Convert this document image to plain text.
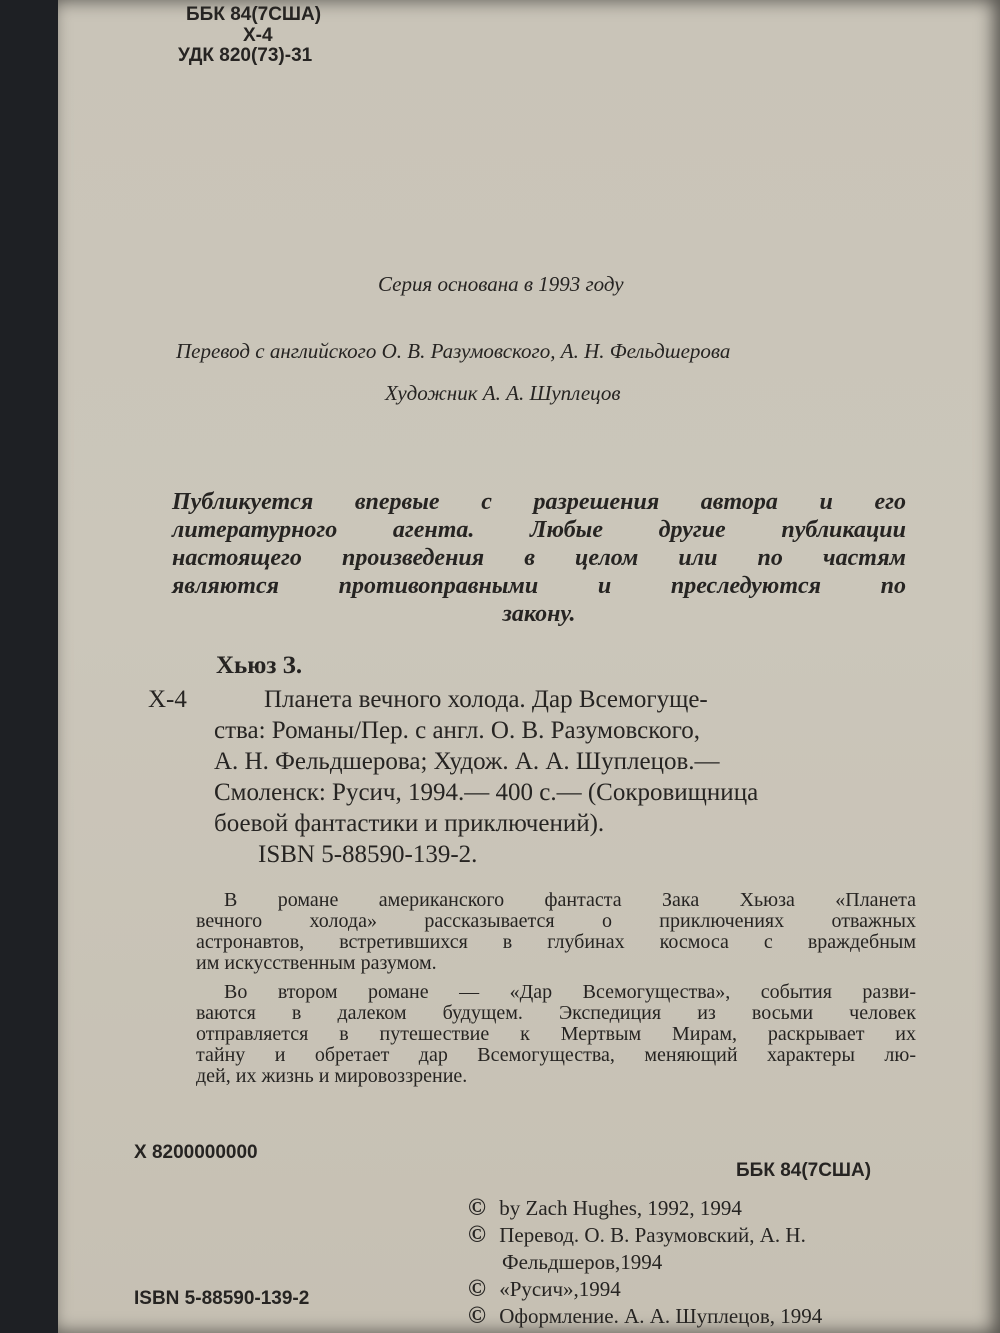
ББК 84(7США)
Х-4
УДК 820(73)-31
Серия основана в 1993 году
Перевод с английского О. В. Разумовского, А. Н. Фельдшерова
Художник А. А. Шуплецов

Публикуется впервые с разрешения автора и его

литературного агента. Любые другие публикации

настоящего произведения в целом или по частям

являются противоправными и преследуются по

закону.

Хьюз З.
Х-4	Планета вечного холода. Дар Всемогуще-
ства: Романы/Пер. с англ. О. В. Разумовского,
А. Н. Фельдшерова; Худож. А. А. Шуплецов.—
Смоленск: Русич, 1994.— 400 с.— (Сокровищница
боевой фантастики и приключений).
ISBN 5-88590-139-2.

В романе американского фантаста Зака Хьюза «Планета

вечного холода» рассказывается о приключениях отважных

астронавтов, встретившихся в глубинах космоса с враждебным

им искусственным разумом.

Во втором романе — «Дар Всемогущества», события разви-

ваются в далеком будущем. Экспедиция из восьми человек

отправляется в путешествие к Мертвым Мирам, раскрывает их

тайну и обретает дар Всемогущества, меняющий характеры лю-

дей, их жизнь и мировоззрение.

Х 8200000000
ББК 84(7США)
ISBN 5-88590-139-2
© by Zach Hughes, 1992, 1994
© Перевод. О. В. Разумовский, А. Н.
Фельдшеров,1994
© «Русич»,1994
© Оформление. А. А. Шуплецов, 1994
